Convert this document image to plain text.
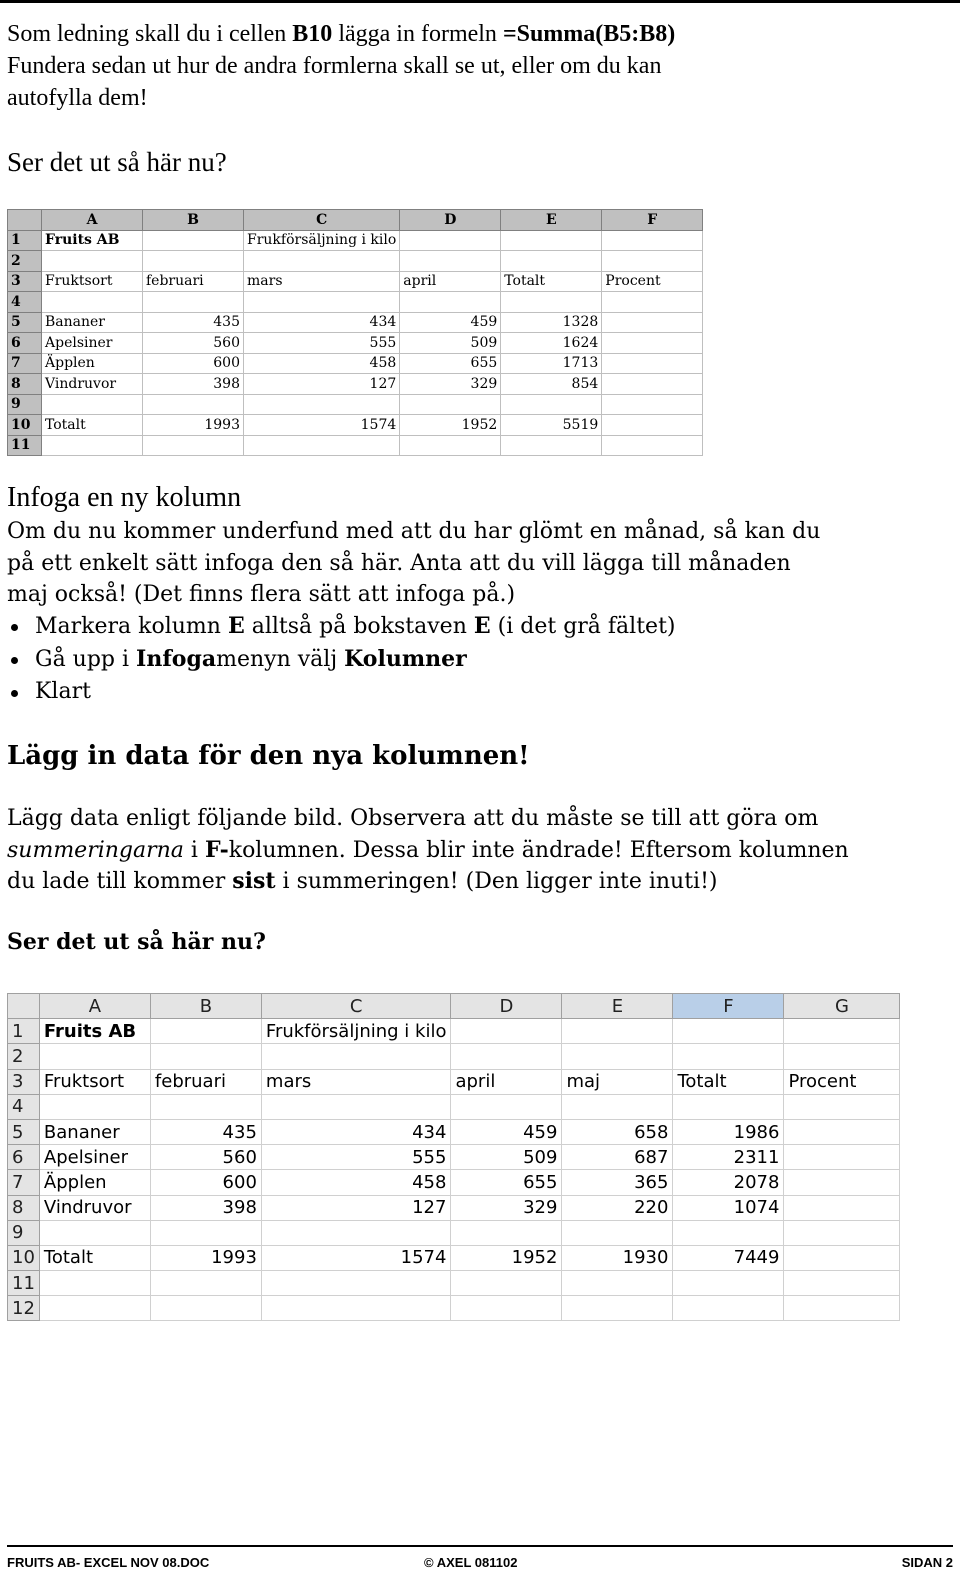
Som ledning skall du i cellen B10 lägga in formeln =Summa(B5:B8)

Fundera sedan ut hur de andra formlerna skall se ut, eller om du kan

autofylla dem!

Ser det ut så här nu?

	A	B	C	D	E	F
1	Fruits AB		Frukförsäljning i kilo			
2						
3	Fruktsort	februari	mars	april	Totalt	Procent
4						
5	Bananer	435	434	459	1328	
6	Apelsiner	560	555	509	1624	
7	Äpplen	600	458	655	1713	
8	Vindruvor	398	127	329	854	
9						
10	Totalt	1993	1574	1952	5519	
11						
Infoga en ny kolumn

Om du nu kommer underfund med att du har glömt en månad, så kan du på ett enkelt sätt infoga den så här. Anta att du vill lägga till månaden maj också! (Det finns flera sätt att infoga på.)

Markera kolumn E alltså på bokstaven E (i det grå fältet)
Gå upp i Infogamenyn välj Kolumner
Klart
Lägg in data för den nya kolumnen!

Lägg data enligt följande bild. Observera att du måste se till att göra om

summeringarna i F-kolumnen. Dessa blir inte ändrade! Eftersom kolumnen

du lade till kommer sist i summeringen! (Den ligger inte inuti!)

Ser det ut så här nu?

	A	B	C	D	E	F	G
1	Fruits AB		Frukförsäljning i kilo				
2							
3	Fruktsort	februari	mars	april	maj	Totalt	Procent
4							
5	Bananer	435	434	459	658	1986	
6	Apelsiner	560	555	509	687	2311	
7	Äpplen	600	458	655	365	2078	
8	Vindruvor	398	127	329	220	1074	
9							
10	Totalt	1993	1574	1952	1930	7449	
11							
12							
FRUITS AB- EXCEL NOV 08.DOC	© AXEL 081102	SIDAN 2
